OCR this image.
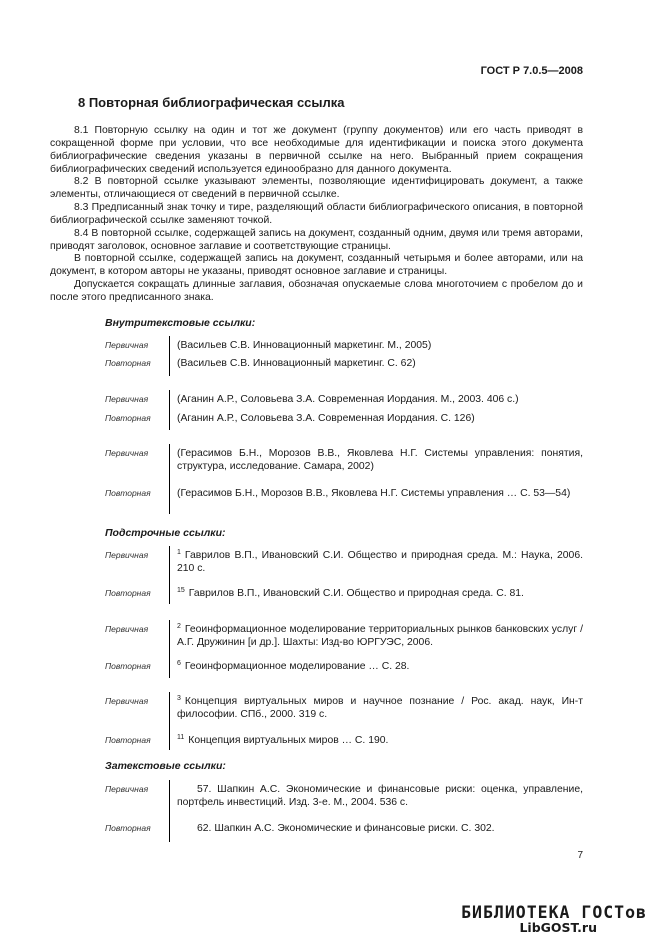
ГОСТ Р 7.0.5—2008
8 Повторная библиографическая ссылка

8.1 Повторную ссылку на один и тот же документ (группу документов) или его часть приводят в сокращенной форме при условии, что все необходимые для идентификации и поиска этого документа библиографические сведения указаны в первичной ссылке на него. Выбранный прием сокращения библиографических сведений используется единообразно для данного документа.

8.2 В повторной ссылке указывают элементы, позволяющие идентифицировать документ, а также элементы, отличающиеся от сведений в первичной ссылке.

8.3 Предписанный знак точку и тире, разделяющий области библиографического описания, в повторной библиографической ссылке заменяют точкой.

8.4 В повторной ссылке, содержащей запись на документ, созданный одним, двумя или тремя авторами, приводят заголовок, основное заглавие и соответствующие страницы.

В повторной ссылке, содержащей запись на документ, созданный четырьмя и более авторами, или на документ, в котором авторы не указаны, приводят основное заглавие и страницы.

Допускается сокращать длинные заглавия, обозначая опускаемые слова многоточием с пробелом до и после этого предписанного знака.

Внутритекстовые ссылки:
Первичная	(Васильев С.В. Инновационный маркетинг. М., 2005)
Повторная	(Васильев С.В. Инновационный маркетинг. С. 62)
Первичная	(Аганин А.Р., Соловьева З.А. Современная Иордания. М., 2003. 406 с.)
Повторная	(Аганин А.Р., Соловьева З.А. Современная Иордания. С. 126)
Первичная	(Герасимов Б.Н., Морозов В.В., Яковлева Н.Г. Системы управления: понятия, структура, исследование. Самара, 2002)
Повторная	(Герасимов Б.Н., Морозов В.В., Яковлева Н.Г. Системы управления … С. 53—54)
Подстрочные ссылки:
Первичная	$^1$ Гаврилов В.П., Ивановский С.И. Общество и природная среда. М.: Наука, 2006. 210 с.
Повторная	$^{15}$ Гаврилов В.П., Ивановский С.И. Общество и природная среда. С. 81.
Первичная	$^2$ Геоинформационное моделирование территориальных рынков банковских услуг / А.Г. Дружинин [и др.]. Шахты: Изд-во ЮРГУЭС, 2006.
Повторная	$^6$ Геоинформационное моделирование … С. 28.
Первичная	$^3$ Концепция виртуальных миров и научное познание / Рос. акад. наук, Ин-т философии. СПб., 2000. 319 с.
Повторная	$^{11}$ Концепция виртуальных миров … С. 190.
Затекстовые ссылки:
Первичная	57. Шапкин А.С. Экономические и финансовые риски: оценка, управление, портфель инвестиций. Изд. 3-е. М., 2004. 536 с.
Повторная	62. Шапкин А.С. Экономические и финансовые риски. С. 302.
7
БИБЛИОТЕКА ГОСТов
LibGOST.ru
